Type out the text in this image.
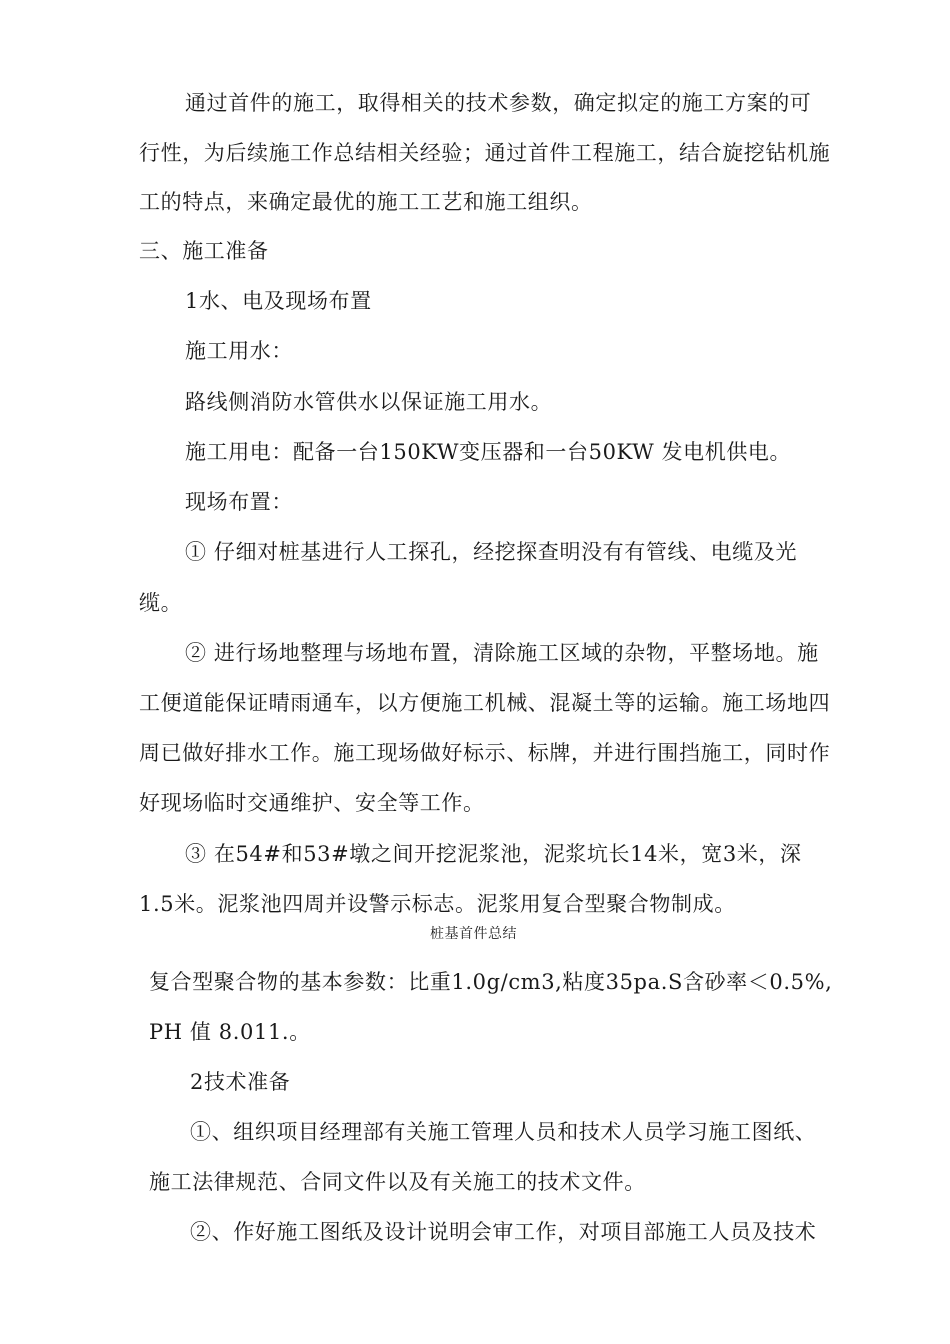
通过首件的施工，取得相关的技术参数，确定拟定的施工方案的可

行性，为后续施工作总结相关经验；通过首件工程施工，结合旋挖钻机施

工的特点，来确定最优的施工工艺和施工组织。

三、施工准备

1水、电及现场布置

施工用水：

路线侧消防水管供水以保证施工用水。

施工用电：配备一台150KW变压器和一台50KW 发电机供电。

现场布置：

① 仔细对桩基进行人工探孔，经挖探查明没有有管线、电缆及光

缆。

② 进行场地整理与场地布置，清除施工区域的杂物，平整场地。施

工便道能保证晴雨通车，以方便施工机械、混凝土等的运输。施工场地四

周已做好排水工作。施工现场做好标示、标牌，并进行围挡施工，同时作

好现场临时交通维护、安全等工作。

③ 在54#和53#墩之间开挖泥浆池，泥浆坑长14米，宽3米，深

1.5米。泥浆池四周并设警示标志。泥浆用复合型聚合物制成。

桩基首件总结

复合型聚合物的基本参数：比重1.0g/cm3,粘度35pa.S含砂率＜0.5%,

PH 值 8.011.。

2技术准备

①、组织项目经理部有关施工管理人员和技术人员学习施工图纸、

施工法律规范、合同文件以及有关施工的技术文件。

②、作好施工图纸及设计说明会审工作，对项目部施工人员及技术
